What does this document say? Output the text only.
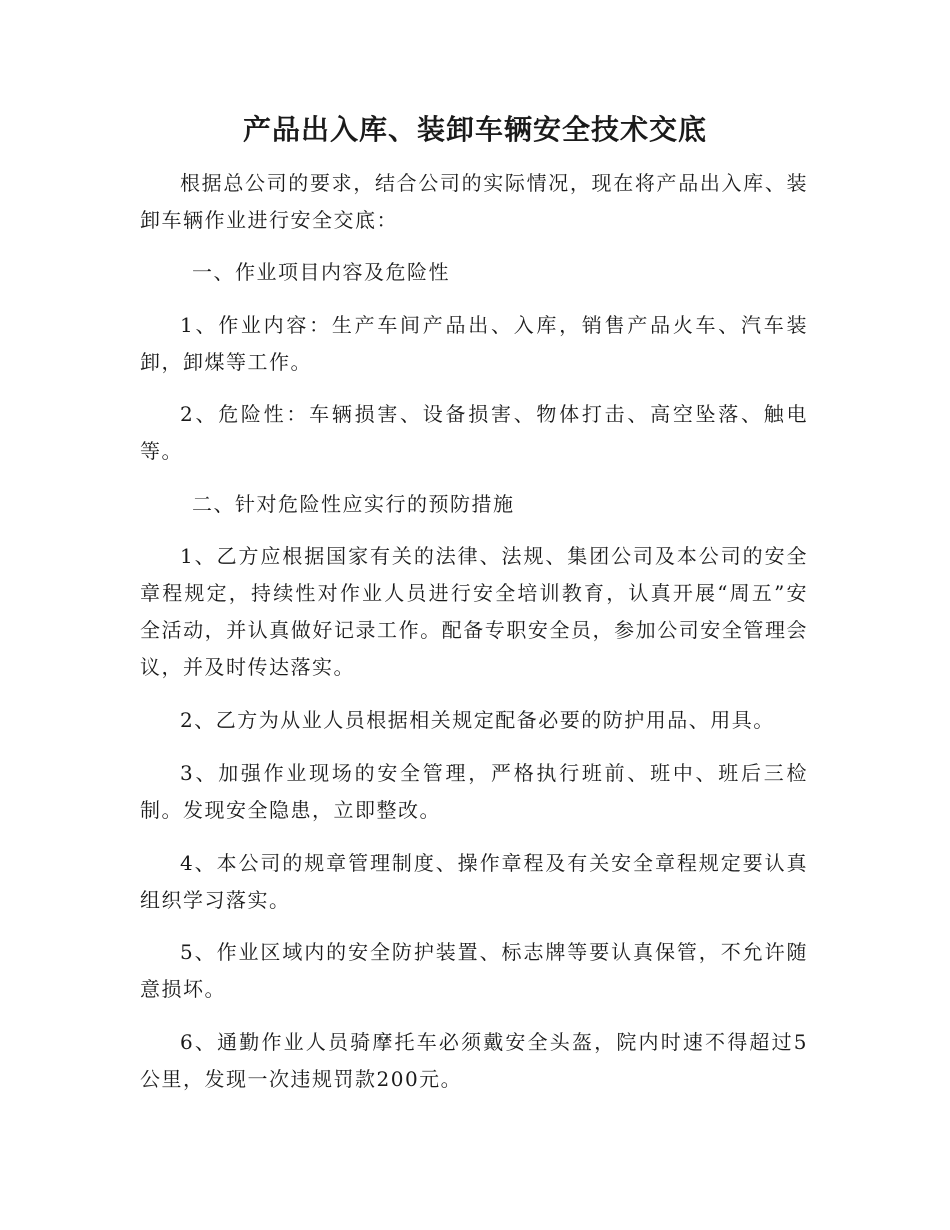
产品出入库、装卸车辆安全技术交底

根据总公司的要求，结合公司的实际情况，现在将产品出入库、装卸车辆作业进行安全交底：

一、作业项目内容及危险性

1、作业内容：生产车间产品出、入库，销售产品火车、汽车装卸，卸煤等工作。

2、危险性：车辆损害、设备损害、物体打击、高空坠落、触电等。

二、针对危险性应实行的预防措施

1、乙方应根据国家有关的法律、法规、集团公司及本公司的安全章程规定，持续性对作业人员进行安全培训教育，认真开展“周五”安全活动，并认真做好记录工作。配备专职安全员，参加公司安全管理会议，并及时传达落实。

2、乙方为从业人员根据相关规定配备必要的防护用品、用具。

3、加强作业现场的安全管理，严格执行班前、班中、班后三检制。发现安全隐患，立即整改。

4、本公司的规章管理制度、操作章程及有关安全章程规定要认真组织学习落实。

5、作业区域内的安全防护装置、标志牌等要认真保管，不允许随意损坏。

6、通勤作业人员骑摩托车必须戴安全头盔，院内时速不得超过5公里，发现一次违规罚款200元。
